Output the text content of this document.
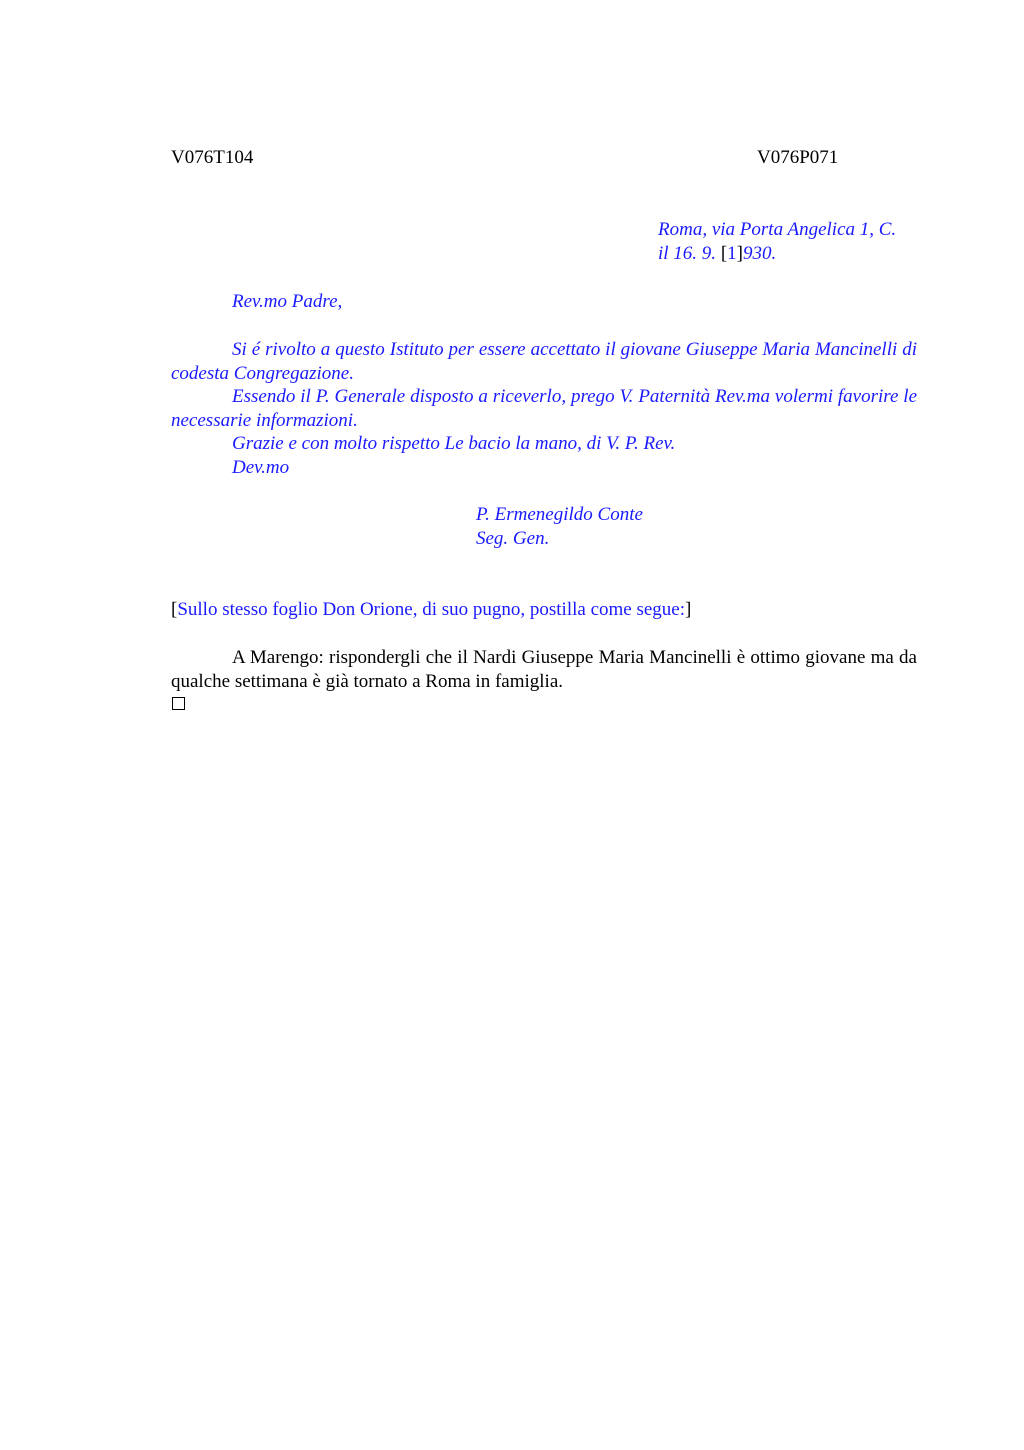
V076T104	V076P071
Roma, via Porta Angelica 1, C.
il 16. 9. [1]930.
Rev.mo Padre,

Si é rivolto a questo Istituto per essere accettato il giovane Giuseppe Maria Mancinelli di codesta Congregazione.

Essendo il P. Generale disposto a riceverlo, prego V. Paternità Rev.ma volermi favorire le necessarie informazioni.

Grazie e con molto rispetto Le bacio la mano, di V. P. Rev.

Dev.mo

P. Ermenegildo Conte
Seg. Gen.
[Sullo stesso foglio Don Orione, di suo pugno, postilla come segue:]

A Marengo: rispondergli che il Nardi Giuseppe Maria Mancinelli è ottimo giovane ma da qualche settimana è già tornato a Roma in famiglia.
